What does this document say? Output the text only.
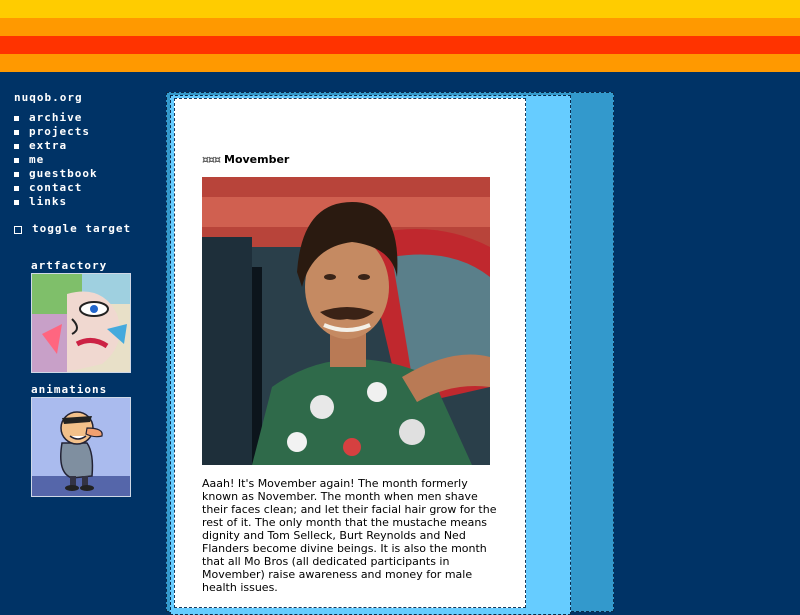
nuqob.org
archive
projects
extra
me
guestbook
contact
links
toggle target
artfactory
animations
¤¤¤ Movember
Aaah! It's Movember again! The month formerly known as November. The month when men shave their faces clean; and let their facial hair grow for the rest of it. The only month that the mustache means dignity and Tom Selleck, Burt Reynolds and Ned Flanders become divine beings. It is also the month that all Mo Bros (all dedicated participants in Movember) raise awareness and money for male health issues.
